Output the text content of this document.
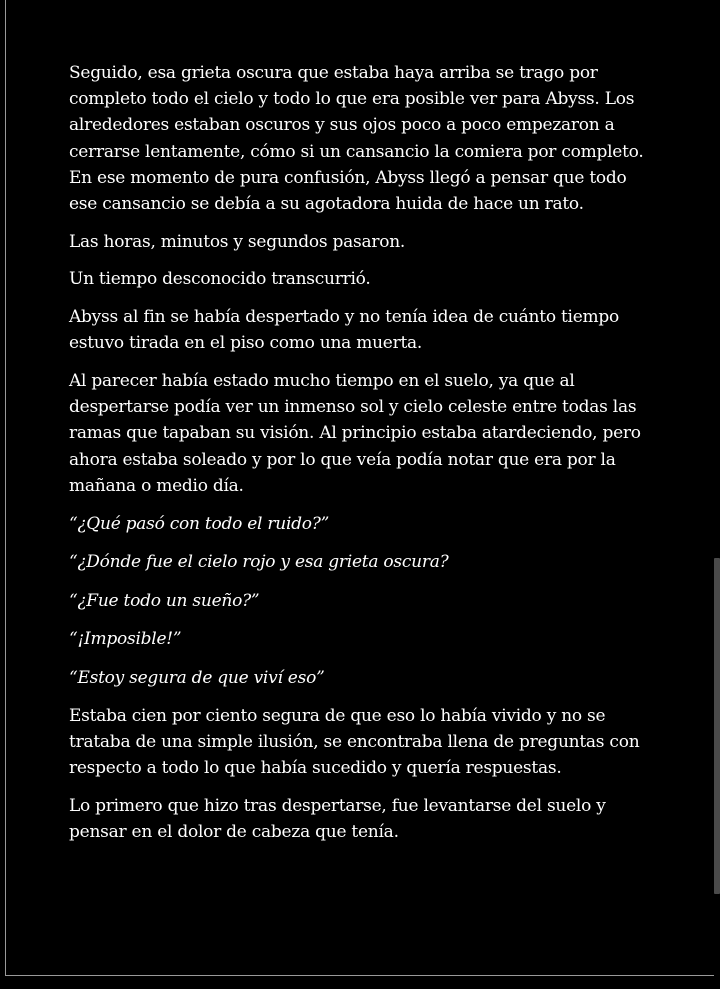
Seguido, esa grieta oscura que estaba haya arriba se trago por completo todo el cielo y todo lo que era posible ver para Abyss. Los alrededores estaban oscuros y sus ojos poco a poco empezaron a cerrarse lentamente, cómo si un cansancio la comiera por completo. En ese momento de pura confusión, Abyss llegó a pensar que todo ese cansancio se debía a su agotadora huida de hace un rato.

Las horas, minutos y segundos pasaron.

Un tiempo desconocido transcurrió.

Abyss al fin se había despertado y no tenía idea de cuánto tiempo estuvo tirada en el piso como una muerta.

Al parecer había estado mucho tiempo en el suelo, ya que al despertarse podía ver un inmenso sol y cielo celeste entre todas las ramas que tapaban su visión. Al principio estaba atardeciendo, pero ahora estaba soleado y por lo que veía podía notar que era por la mañana o medio día.

“¿Qué pasó con todo el ruido?”

“¿Dónde fue el cielo rojo y esa grieta oscura?

“¿Fue todo un sueño?”

“¡Imposible!”

“Estoy segura de que viví eso”

Estaba cien por ciento segura de que eso lo había vivido y no se trataba de una simple ilusión, se encontraba llena de preguntas con respecto a todo lo que había sucedido y quería respuestas.

Lo primero que hizo tras despertarse, fue levantarse del suelo y pensar en el dolor de cabeza que tenía.
